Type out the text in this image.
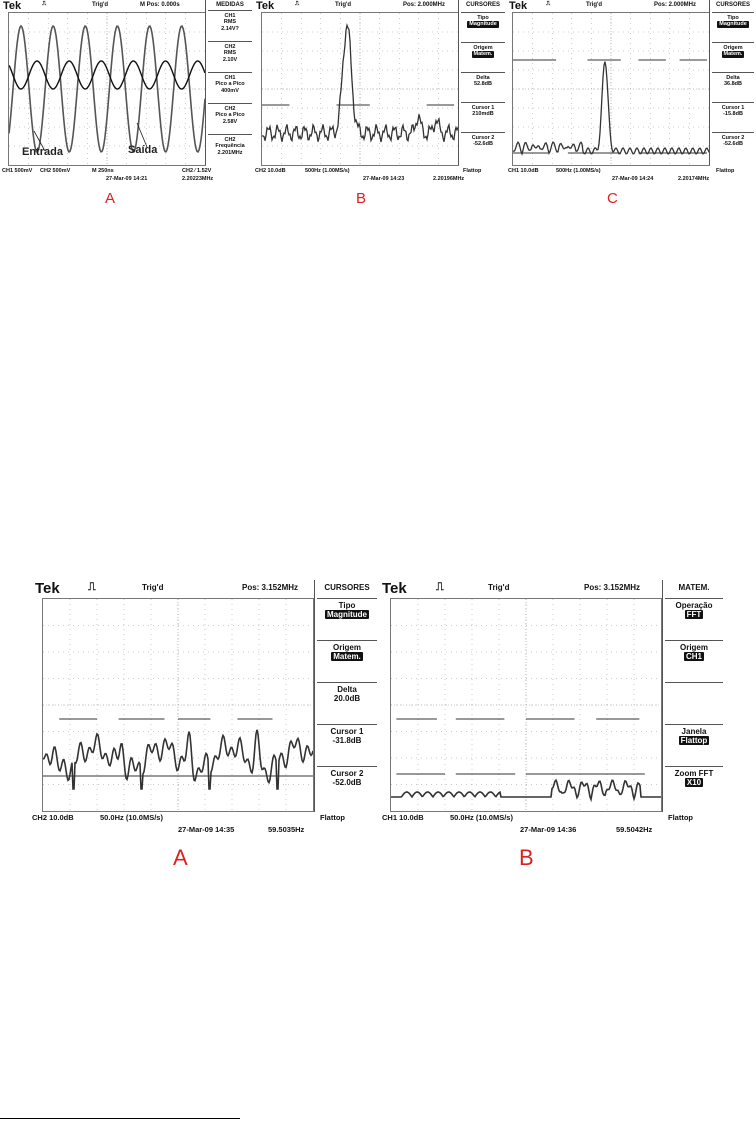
Tek	⎍	Trig'd	M Pos: 0.000s
Entrada	Saída
MEDIDAS
CH1
RMS
2.14V?
CH2
RMS
2.10V
CH1
Pico a Pico
400mV
CH2
Pico a Pico
2.58V
CH2
Frequência
2.201MHz
CH1 500mV CH2 500mV	M 250ns	CH2 ⁄ 1.52V
27-Mar-09 14:21	2.20223MHz
A
Tek	⎍	Trig'd	Pos: 2.000MHz	CURSORES
Tipo
Magnitude
Origem
Matem.
Delta
52.8dB
Cursor 1
210mdB
Cursor 2
-52.6dB
CH2 10.0dB	500Hz (1.00MS/s)	Flattop
27-Mar-09 14:23	2.20196MHz
B
Tek	⎍	Trig'd	Pos: 2.000MHz	CURSORES
Tipo
Magnitude
Origem
Matem.
Delta
36.8dB
Cursor 1
-15.8dB
Cursor 2
-52.6dB
CH1 10.0dB	500Hz (1.00MS/s)	Flattop
27-Mar-09 14:24	2.20174MHz
C
Tek	⎍	Trig'd	Pos: 3.152MHz	CURSORES
Tipo
Magnitude
Origem
Matem.
Delta
20.0dB
Cursor 1
-31.8dB
Cursor 2
-52.0dB
CH2 10.0dB	50.0Hz (10.0MS/s)	Flattop
27-Mar-09 14:35	59.5035Hz
A
Tek	⎍	Trig'd	Pos: 3.152MHz	MATEM.
Operação
FFT
Origem
CH1
Janela
Flattop
Zoom FFT
X10
CH1 10.0dB	50.0Hz (10.0MS/s)	Flattop
27-Mar-09 14:36	59.5042Hz
B
